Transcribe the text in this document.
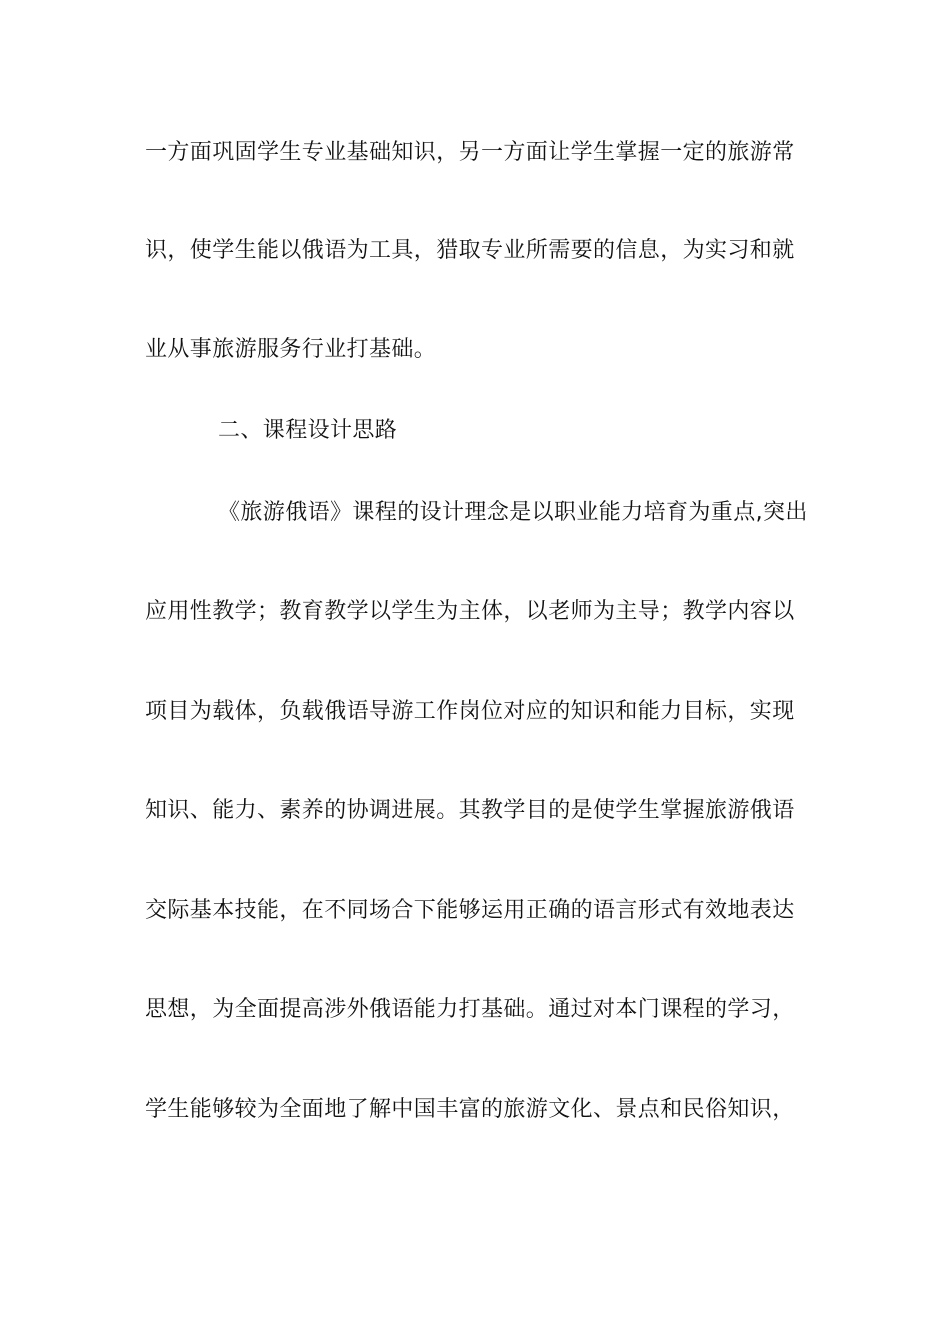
一方面巩固学生专业基础知识，另一方面让学生掌握一定的旅游常
识，使学生能以俄语为工具，猎取专业所需要的信息，为实习和就
业从事旅游服务行业打基础。
二、课程设计思路
《旅游俄语》课程的设计理念是以职业能力培育为重点,突出
应用性教学；教育教学以学生为主体，以老师为主导；教学内容以
项目为载体，负载俄语导游工作岗位对应的知识和能力目标，实现
知识、能力、素养的协调进展。其教学目的是使学生掌握旅游俄语
交际基本技能，在不同场合下能够运用正确的语言形式有效地表达
思想，为全面提高涉外俄语能力打基础。通过对本门课程的学习，
学生能够较为全面地了解中国丰富的旅游文化、景点和民俗知识，
